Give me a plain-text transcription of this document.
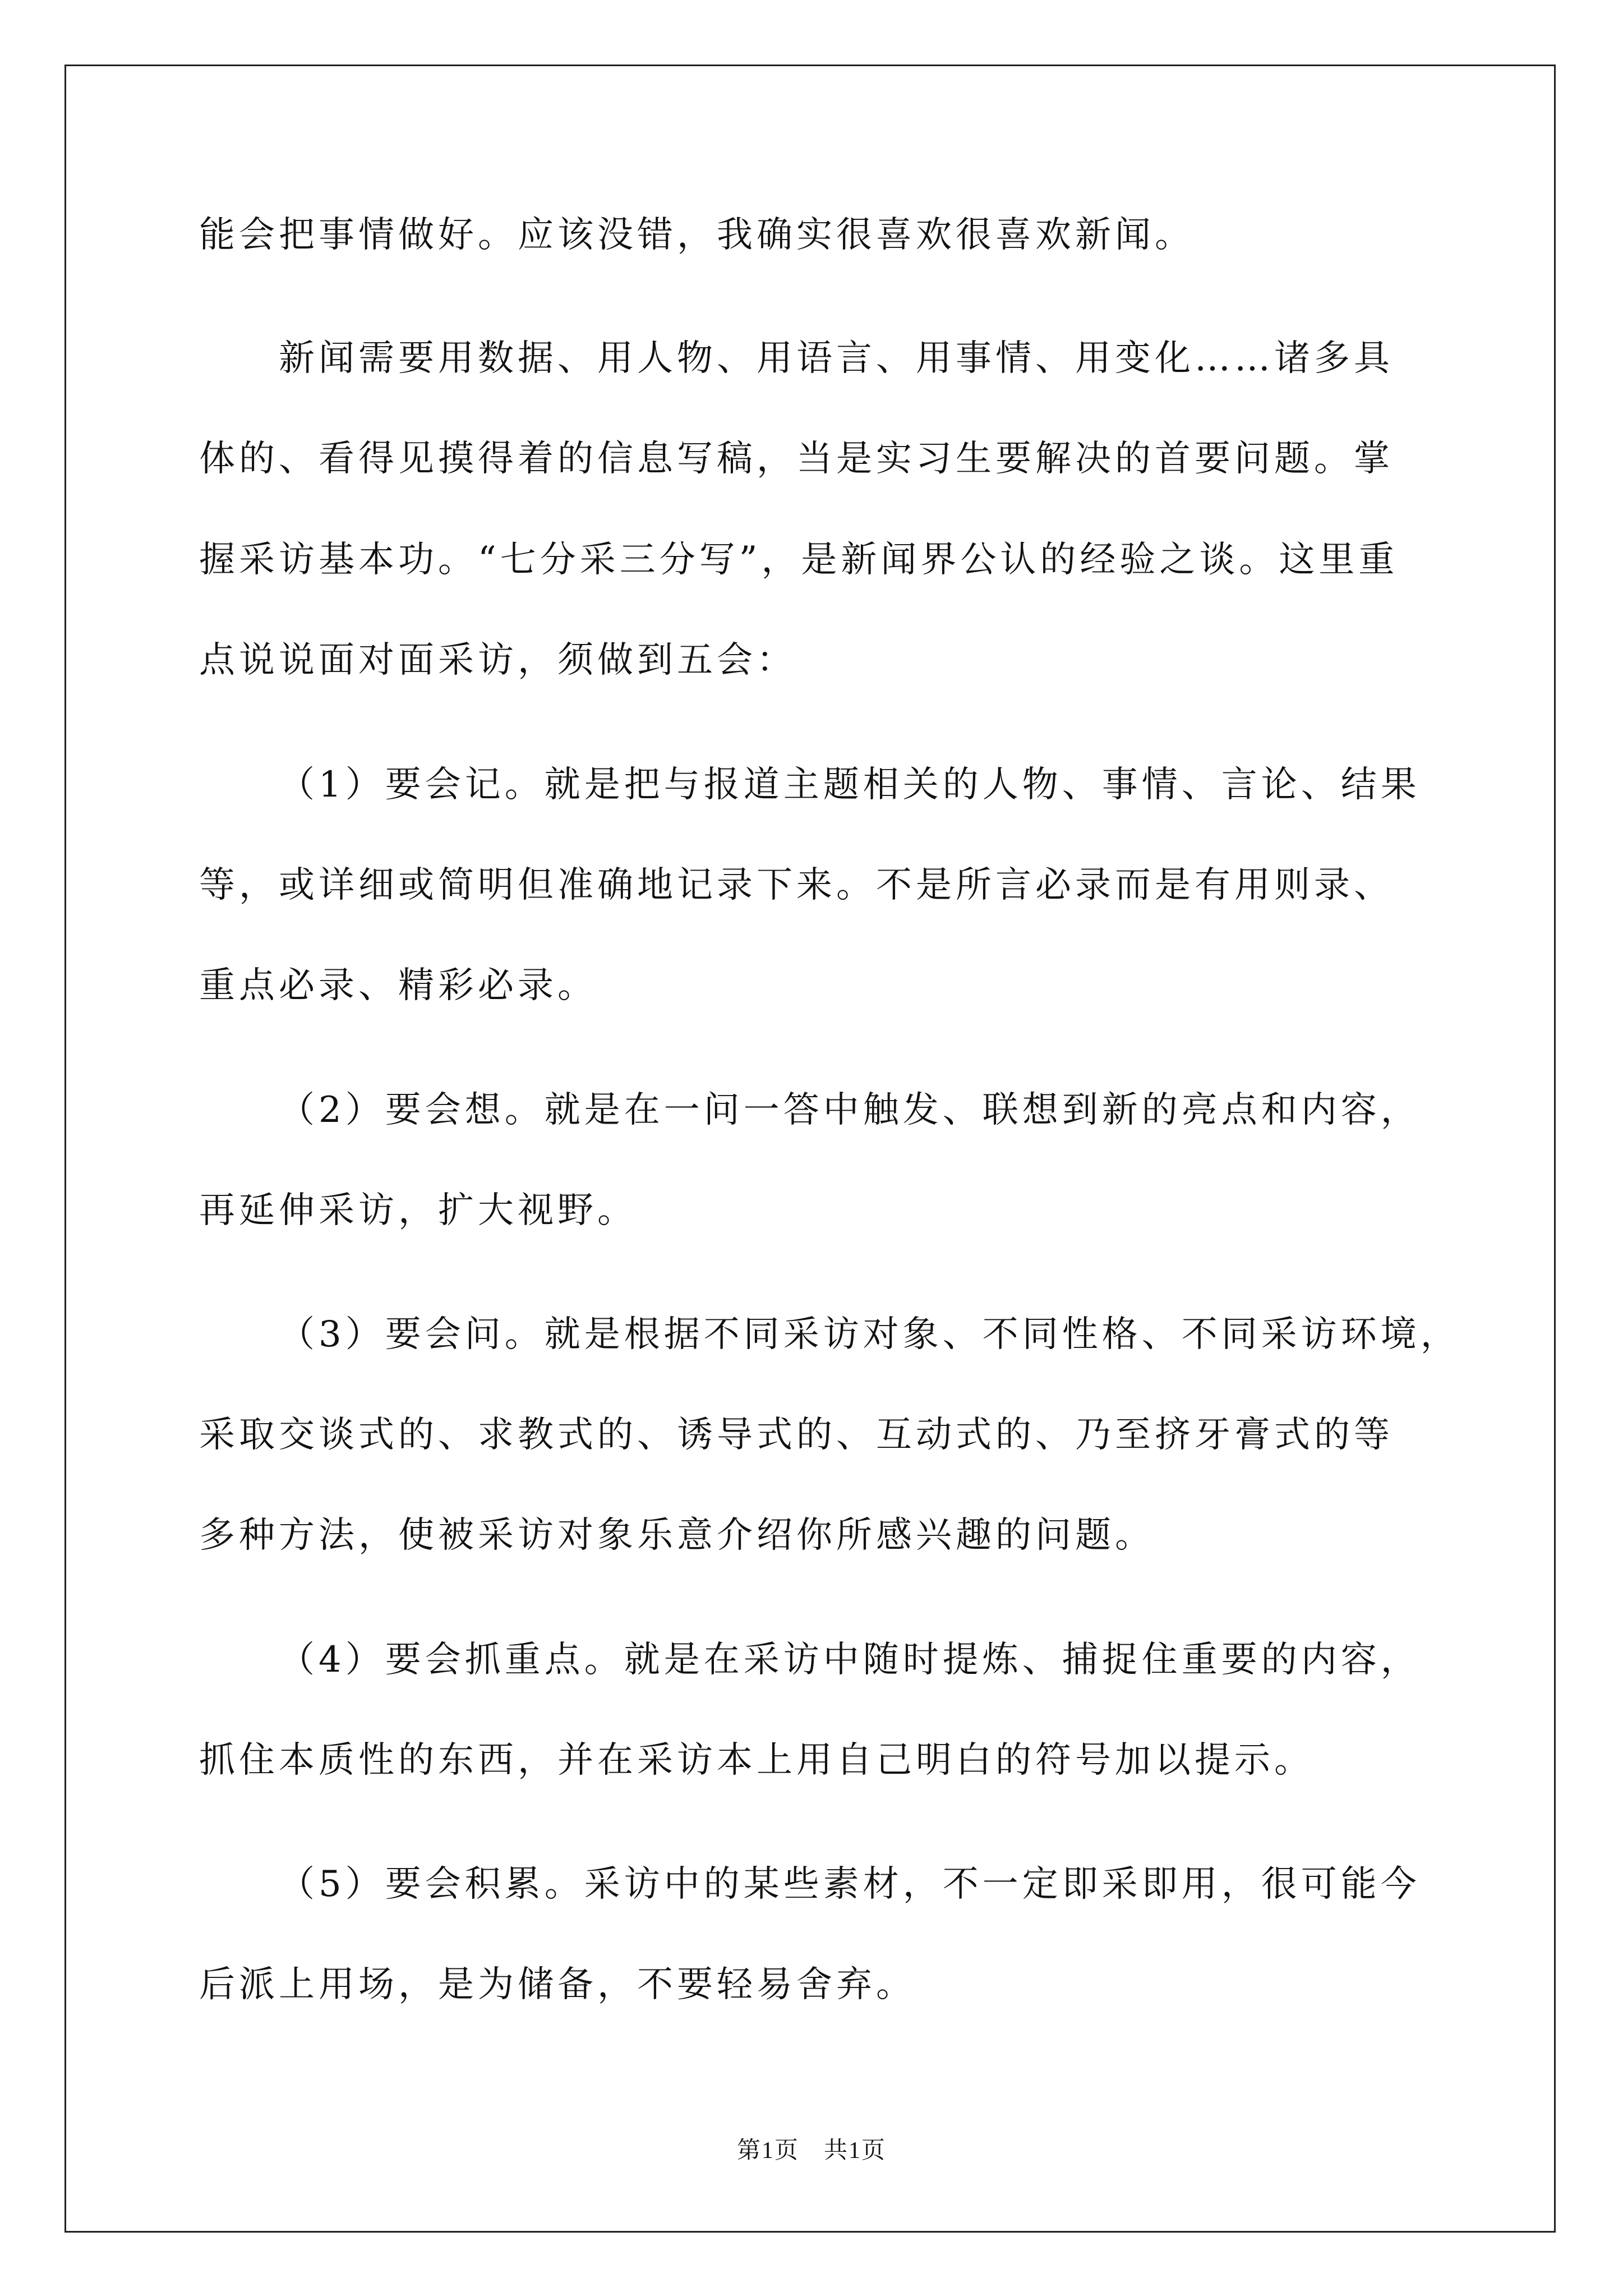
能会把事情做好。应该没错，我确实很喜欢很喜欢新闻。

新闻需要用数据、用人物、用语言、用事情、用变化……诸多具

体的、看得见摸得着的信息写稿，当是实习生要解决的首要问题。掌

握采访基本功。“七分采三分写”，是新闻界公认的经验之谈。这里重

点说说面对面采访，须做到五会：

（1）要会记。就是把与报道主题相关的人物、事情、言论、结果

等，或详细或简明但准确地记录下来。不是所言必录而是有用则录、

重点必录、精彩必录。

（2）要会想。就是在一问一答中触发、联想到新的亮点和内容，

再延伸采访，扩大视野。

（3）要会问。就是根据不同采访对象、不同性格、不同采访环境，

采取交谈式的、求教式的、诱导式的、互动式的、乃至挤牙膏式的等

多种方法，使被采访对象乐意介绍你所感兴趣的问题。

（4）要会抓重点。就是在采访中随时提炼、捕捉住重要的内容，

抓住本质性的东西，并在采访本上用自己明白的符号加以提示。

（5）要会积累。采访中的某些素材，不一定即采即用，很可能今

后派上用场，是为储备，不要轻易舍弃。

第1页　共1页
